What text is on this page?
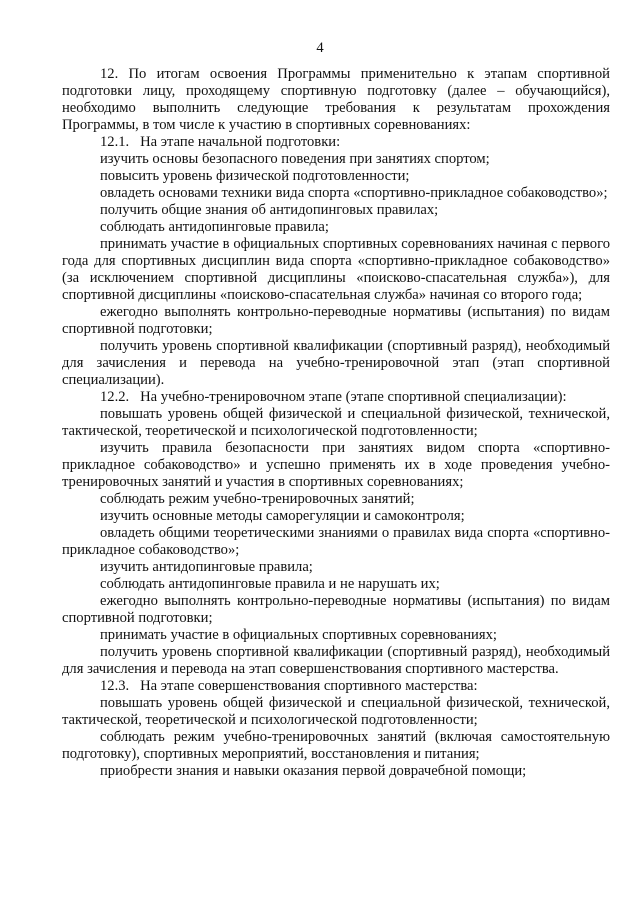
4

12. По итогам освоения Программы применительно к этапам спортивной подготовки лицу, проходящему спортивную подготовку (далее – обучающийся), необходимо выполнить следующие требования к результатам прохождения Программы, в том числе к участию в спортивных соревнованиях:

12.1.   На этапе начальной подготовки:

изучить основы безопасного поведения при занятиях спортом;

повысить уровень физической подготовленности;

овладеть основами техники вида спорта «спортивно-прикладное собаководство»;

получить общие знания об антидопинговых правилах;

соблюдать антидопинговые правила;

принимать участие в официальных спортивных соревнованиях начиная с первого года для спортивных дисциплин вида спорта «спортивно-прикладное собаководство» (за исключением спортивной дисциплины «поисково-спасательная служба»), для спортивной дисциплины «поисково-спасательная служба» начиная со второго года;

ежегодно выполнять контрольно-переводные нормативы (испытания) по видам спортивной подготовки;

получить уровень спортивной квалификации (спортивный разряд), необходимый для зачисления и перевода на учебно-тренировочной этап (этап спортивной специализации).

12.2.   На учебно-тренировочном этапе (этапе спортивной специализации):

повышать уровень общей физической и специальной физической, технической, тактической, теоретической и психологической подготовленности;

изучить правила безопасности при занятиях видом спорта «спортивно-прикладное собаководство» и успешно применять их в ходе проведения учебно-тренировочных занятий и участия в спортивных соревнованиях;

соблюдать режим учебно-тренировочных занятий;

изучить основные методы саморегуляции и самоконтроля;

овладеть общими теоретическими знаниями о правилах вида спорта «спортивно-прикладное собаководство»;

изучить антидопинговые правила;

соблюдать антидопинговые правила и не нарушать их;

ежегодно выполнять контрольно-переводные нормативы (испытания) по видам спортивной подготовки;

принимать участие в официальных спортивных соревнованиях;

получить уровень спортивной квалификации (спортивный разряд), необходимый для зачисления и перевода на этап совершенствования спортивного мастерства.

12.3.   На этапе совершенствования спортивного мастерства:

повышать уровень общей физической и специальной физической, технической, тактической, теоретической и психологической подготовленности;

соблюдать режим учебно-тренировочных занятий (включая самостоятельную подготовку), спортивных мероприятий, восстановления и питания;

приобрести знания и навыки оказания первой доврачебной помощи;
